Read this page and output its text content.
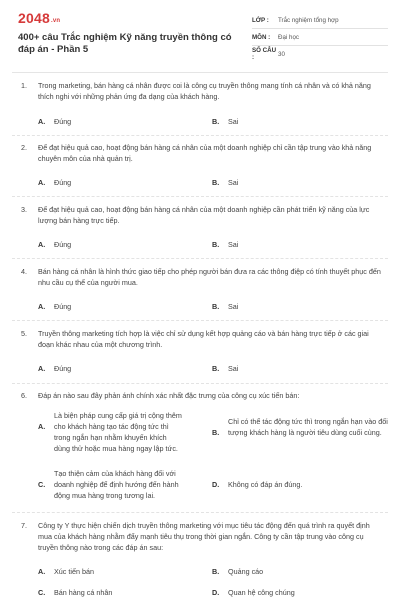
2048.vn
400+ câu Trắc nghiệm Kỹ năng truyền thông có đáp án - Phần 5
LỚP :	Trắc nghiệm tổng hợp
MÔN :	Đại học
SỐ CÂU :	30
1. Trong marketing, bán hàng cá nhân được coi là công cụ truyền thông mang tính cá nhân và có khả năng thích nghi với những phản ứng đa dạng của khách hàng.
A. Đúng	B. Sai
2. Để đạt hiệu quả cao, hoạt động bán hàng cá nhân của một doanh nghiệp chỉ cần tập trung vào khả năng chuyên môn của nhà quản trị.
A. Đúng	B. Sai
3. Để đạt hiệu quả cao, hoạt động bán hàng cá nhân của một doanh nghiệp cần phát triển kỹ năng của lực lượng bán hàng trực tiếp.
A. Đúng	B. Sai
4. Bán hàng cá nhân là hình thức giao tiếp cho phép người bán đưa ra các thông điệp có tính thuyết phục đến nhu cầu cụ thể của người mua.
A. Đúng	B. Sai
5. Truyền thông marketing tích hợp là việc chỉ sử dụng kết hợp quảng cáo và bán hàng trực tiếp ở các giai đoạn khác nhau của một chương trình.
A. Đúng	B. Sai
6. Đáp án nào sau đây phản ánh chính xác nhất đặc trưng của công cụ xúc tiến bán:
A.
Là biện pháp cung cấp giá trị cộng thêm cho khách hàng tạo tác động tức thì trong ngắn hạn nhằm khuyến khích dùng thử hoặc mua hàng ngay lập tức.
B.
Chỉ có thể tác động tức thì trong ngắn hạn vào đối tượng khách hàng là người tiêu dùng cuối cùng.
C.
Tạo thiện cảm của khách hàng đối với doanh nghiệp để định hướng đến hành động mua hàng trong tương lai.
D. Không có đáp án đúng.
7. Công ty Y thực hiện chiến dịch truyền thông marketing với mục tiêu tác động đến quá trình ra quyết định mua của khách hàng nhằm đẩy mạnh tiêu thụ trong thời gian ngắn. Công ty cần tập trung vào công cụ truyền thông nào trong các đáp án sau:
A. Xúc tiến bán	B. Quảng cáo
C. Bán hàng cá nhân	D. Quan hệ công chúng
